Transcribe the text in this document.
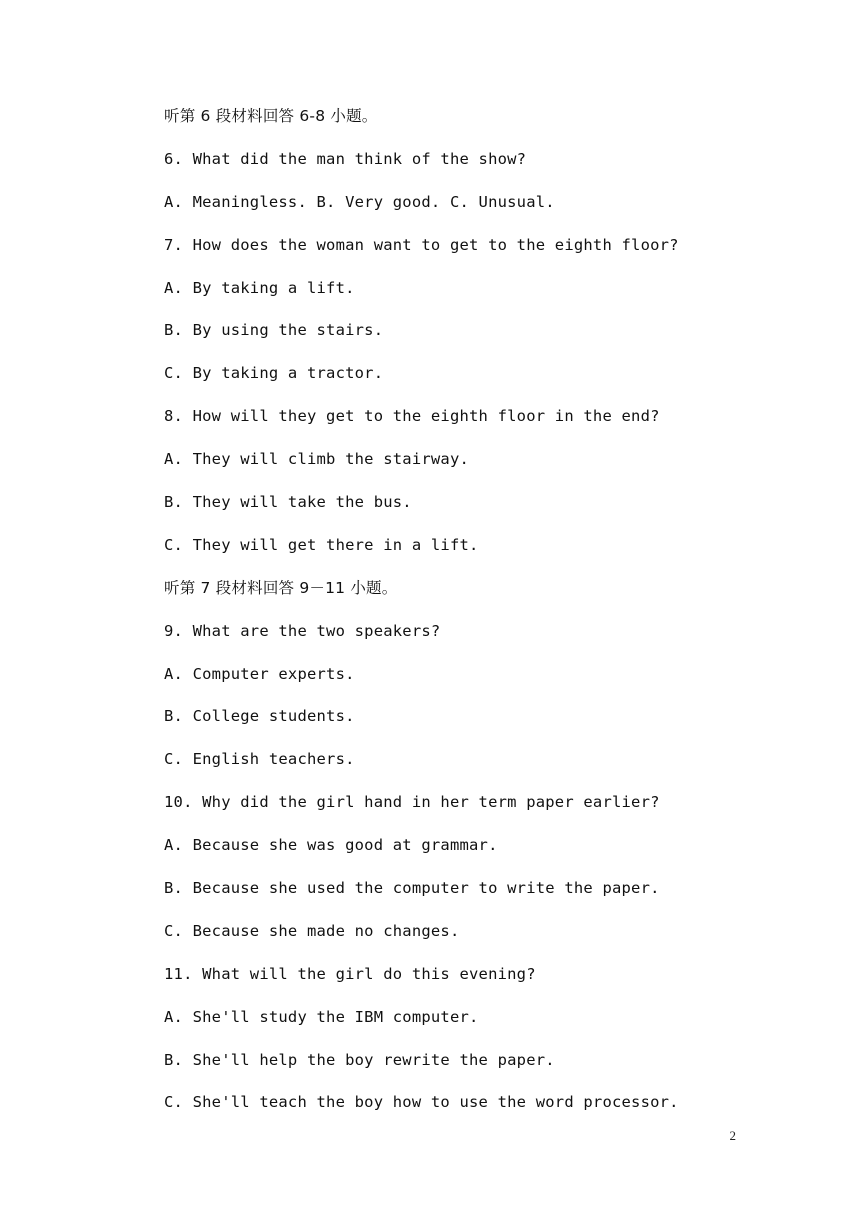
听第 6 段材料回答 6-8 小题。
6. What did the man think of the show?
A. Meaningless. B. Very good. C. Unusual.
7. How does the woman want to get to the eighth floor?
A. By taking a lift.
B. By using the stairs.
C. By taking a tractor.
8. How will they get to the eighth floor in the end?
A. They will climb the stairway.
B. They will take the bus.
C. They will get there in a lift.
听第 7 段材料回答 9－11 小题。
9. What are the two speakers?
A. Computer experts.
B. College students.
C. English teachers.
10. Why did the girl hand in her term paper earlier?
A. Because she was good at grammar.
B. Because she used the computer to write the paper.
C. Because she made no changes.
11. What will the girl do this evening?
A. She'll study the IBM computer.
B. She'll help the boy rewrite the paper.
C. She'll teach the boy how to use the word processor.
2
